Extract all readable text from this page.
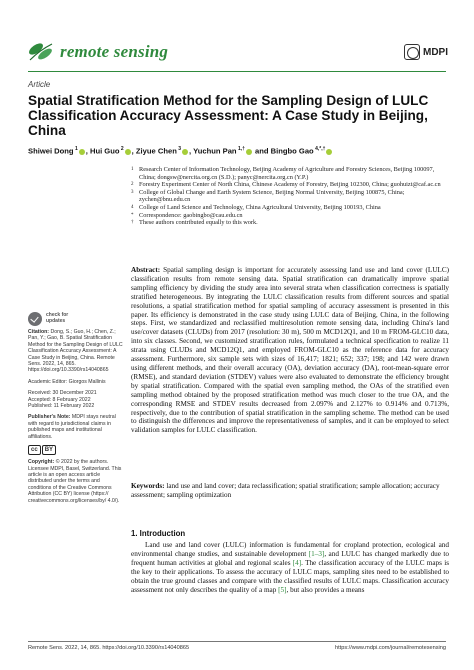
remote sensing	MDPI
Article
Spatial Stratification Method for the Sampling Design of LULC Classification Accuracy Assessment: A Case Study in Beijing, China
Shiwei Dong $^1$ , Hui Guo $^2$ , Ziyue Chen $^3$ , Yuchun Pan $^{1,\dagger}$ and Bingbo Gao $^{4,*,\dagger}$
1 Research Center of Information Technology, Beijing Academy of Agriculture and Forestry Sciences, Beijing 100097, China; dongsw@nercita.org.cn (S.D.); panyc@nercita.org.cn (Y.P.)
2 Forestry Experiment Center of North China, Chinese Academy of Forestry, Beijing 102300, China; guohuizt@caf.ac.cn
3 College of Global Change and Earth System Science, Beijing Normal University, Beijing 100875, China; zychen@bnu.edu.cn
4 College of Land Science and Technology, China Agricultural University, Beijing 100193, China
* Correspondence: gaobingbo@cau.edu.cn
† These authors contributed equally to this work.
check for
updates
Citation: Dong, S.; Guo, H.; Chen, Z.; Pan, Y.; Gao, B. Spatial Stratification Method for the Sampling Design of LULC Classification Accuracy Assessment: A Case Study in Beijing, China. Remote Sens. 2022, 14, 865. https://doi.org/10.3390/rs14040865
Academic Editor: Giorgos Mallinis
Received: 30 December 2021
Accepted: 8 February 2022
Published: 11 February 2022
Publisher's Note: MDPI stays neutral with regard to jurisdictional claims in published maps and institutional affiliations.
cc	BY
Copyright: © 2022 by the authors. Licensee MDPI, Basel, Switzerland. This article is an open access article distributed under the terms and conditions of the Creative Commons Attribution (CC BY) license (https:// creativecommons.org/licenses/by/ 4.0/).
Abstract: Spatial sampling design is important for accurately assessing land use and land cover (LULC) classification results from remote sensing data. Spatial stratification can dramatically improve spatial sampling efficiency by dividing the study area into several strata when classification correctness is spatially stratified heterogeneous. By integrating the LULC classification results from different sources and spatial resolutions, a spatial stratification method for spatial sampling of accuracy assessment is presented in this paper. Its efficiency is demonstrated in the case study using LULC data of Beijing, China, in the following steps. First, we standardized and reclassified multiresolution remote sensing data, including China's land use/cover datasets (CLUDs) from 2017 (resolution: 30 m), 500 m MCD12Q1, and 10 m FROM-GLC10 data, into six classes. Second, we customized stratification rules, formulated a technical specification to realize 11 strata using CLUDs and MCD12Q1, and employed FROM-GLC10 as the reference data for accuracy assessment. Furthermore, six sample sets with sizes of 16,417; 1821; 652; 337; 198; and 142 were drawn using different methods, and their overall accuracy (OA), deviation accuracy (DA), root-mean-square error (RMSE), and standard deviation (STDEV) values were also evaluated to demonstrate the efficiency brought by spatial stratification. Compared with the spatial even sampling method, the OAs of the stratified even sampling method obtained by the proposed stratification method was much closer to the true OA, and the corresponding RMSE and STDEV results decreased from 2.097% and 2.127% to 0.914% and 0.713%, respectively, due to the contribution of spatial stratification in the sampling scheme. The method can be used to distinguish the differences and improve the representativeness of samples, and it can be employed to select validation samples for LULC classification.
Keywords: land use and land cover; data reclassification; spatial stratification; sample allocation; accuracy assessment; sampling optimization
1. Introduction
Land use and land cover (LULC) information is fundamental for cropland protection, ecological and environmental change studies, and sustainable development [1–3], and LULC has changed markedly due to frequent human activities at global and regional scales [4]. The classification accuracy of the LULC maps is the key to their applications. To assess the accuracy of LULC maps, sampling sites need to be established to obtain the true ground classes and compare with the classified results of LULC maps. Classification accuracy assessment not only describes the quality of a map [5], but also provides a means
Remote Sens. 2022, 14, 865. https://doi.org/10.3390/rs14040865	https://www.mdpi.com/journal/remotesensing
